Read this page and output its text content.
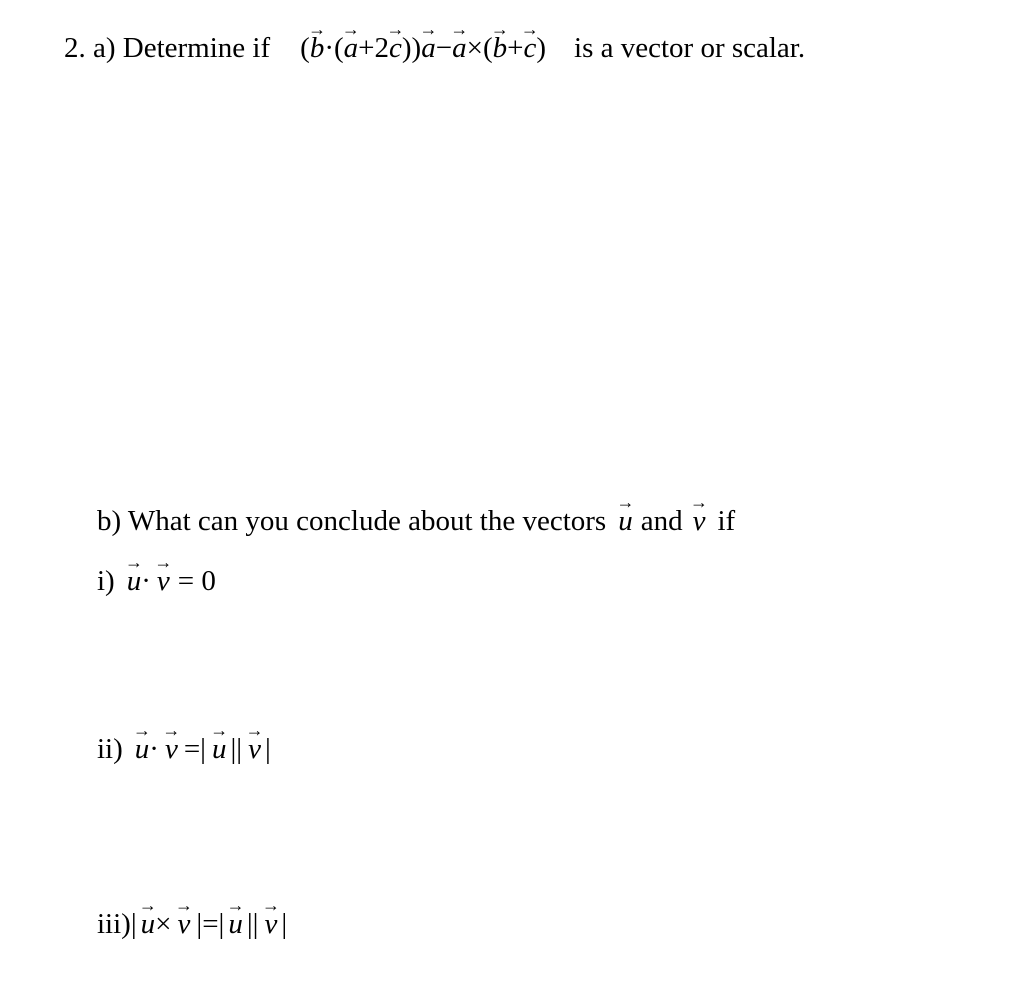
2. a) Determine if (→ b·(→ a+2→ c))→ a−→ a×(→ b+→ c) is a vector or scalar.
b) What can you conclude about the vectors → u and → v if
i) → u· → v = 0
ii) → u· → v =| → u || → v |
iii)| → u× → v |=| → u || → v |
